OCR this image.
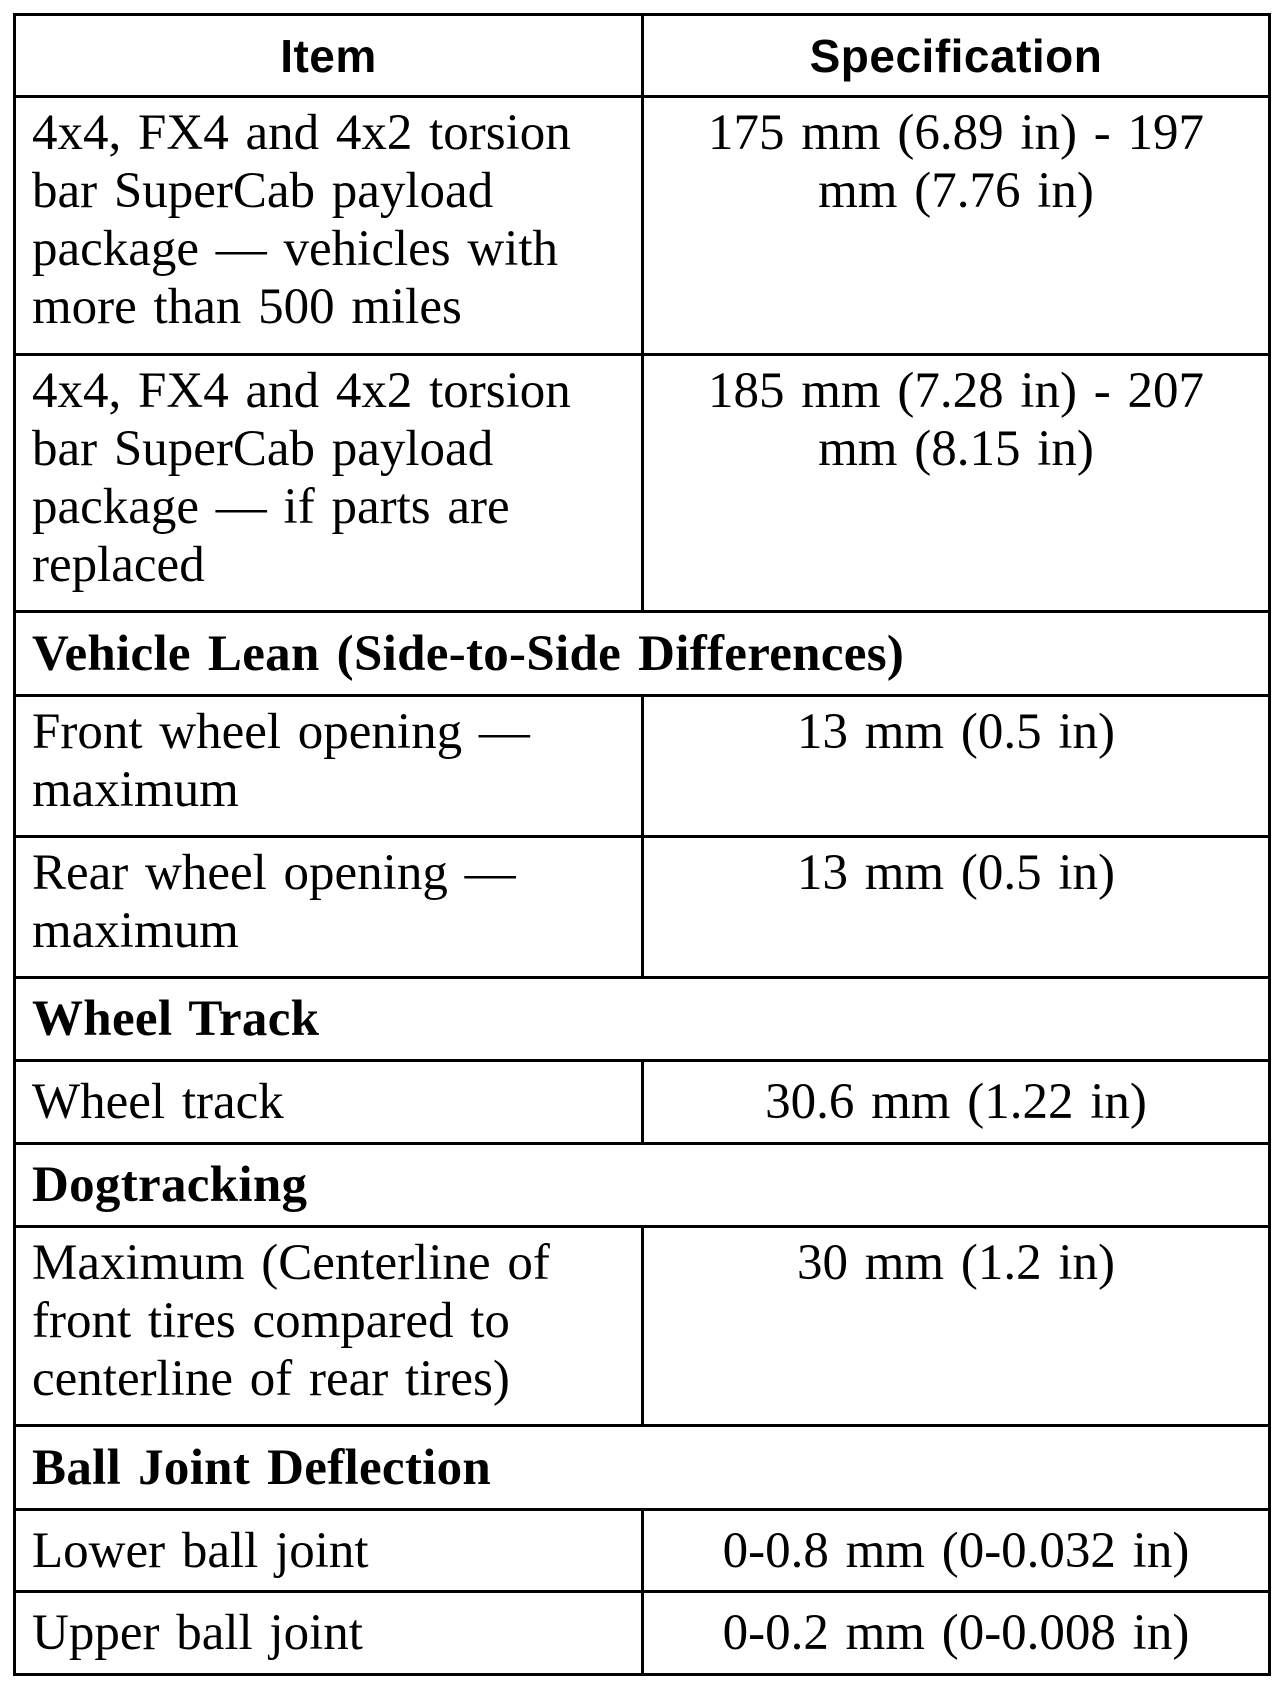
Item	Specification
4x4, FX4 and 4x2 torsion bar SuperCab payload package — vehicles with more than 500 miles	175 mm (6.89 in) - 197 mm (7.76 in)
4x4, FX4 and 4x2 torsion bar SuperCab payload package — if parts are replaced	185 mm (7.28 in) - 207 mm (8.15 in)
Vehicle Lean (Side-to-Side Differences)	
Front wheel opening — maximum	13 mm (0.5 in)
Rear wheel opening — maximum	13 mm (0.5 in)
Wheel Track	
Wheel track	30.6 mm (1.22 in)
Dogtracking	
Maximum (Centerline of front tires compared to centerline of rear tires)	30 mm (1.2 in)
Ball Joint Deflection	
Lower ball joint	0-0.8 mm (0-0.032 in)
Upper ball joint	0-0.2 mm (0-0.008 in)
